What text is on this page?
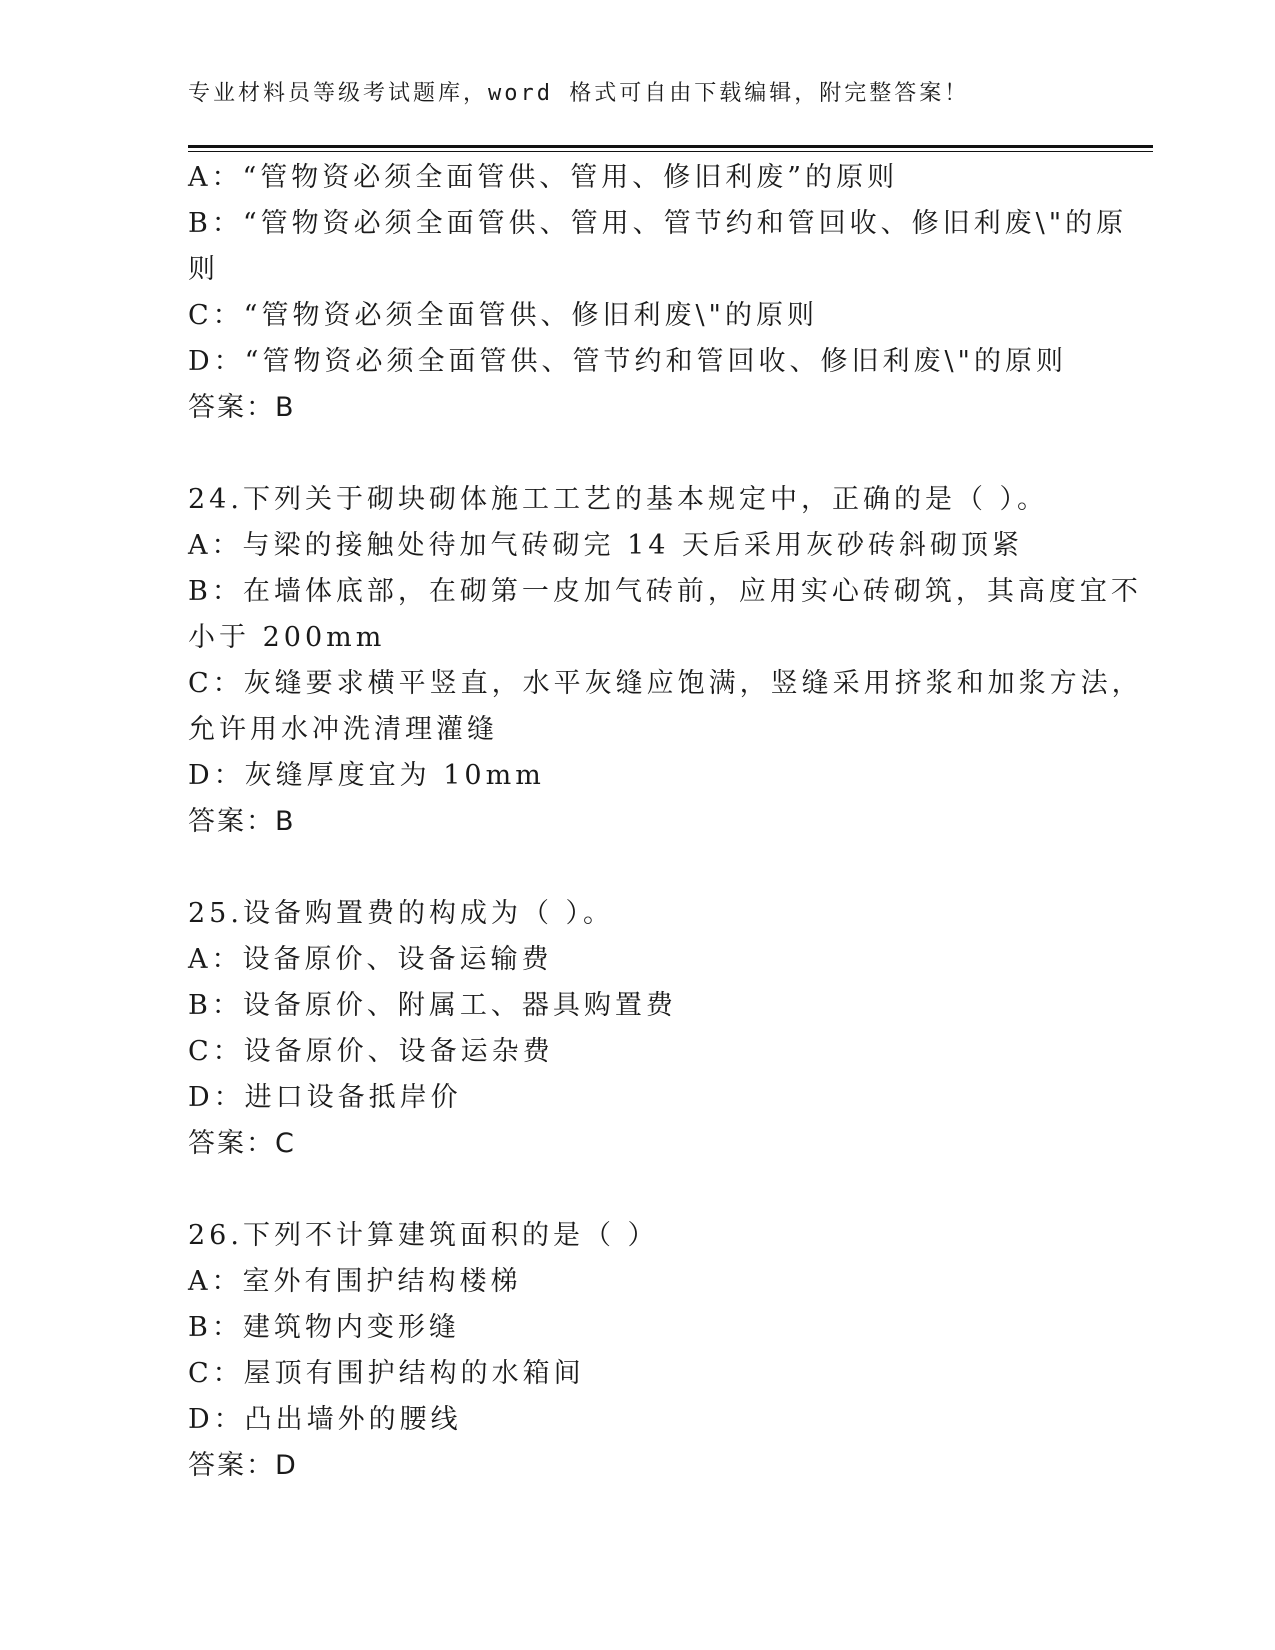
专业材料员等级考试题库，word 格式可自由下载编辑，附完整答案！
A：“管物资必须全面管供、管用、修旧利废”的原则
B：“管物资必须全面管供、管用、管节约和管回收、修旧利废\"的原
则
C：“管物资必须全面管供、修旧利废\"的原则
D：“管物资必须全面管供、管节约和管回收、修旧利废\"的原则
答案：B
24.下列关于砌块砌体施工工艺的基本规定中，正确的是（ ）。
A：与梁的接触处待加气砖砌完 14 天后采用灰砂砖斜砌顶紧
B：在墙体底部，在砌第一皮加气砖前，应用实心砖砌筑，其高度宜不
小于 200mm
C：灰缝要求横平竖直，水平灰缝应饱满，竖缝采用挤浆和加浆方法，
允许用水冲洗清理灌缝
D：灰缝厚度宜为 10mm
答案：B
25.设备购置费的构成为（ ）。
A：设备原价、设备运输费
B：设备原价、附属工、器具购置费
C：设备原价、设备运杂费
D：进口设备抵岸价
答案：C
26.下列不计算建筑面积的是（ ）
A：室外有围护结构楼梯
B：建筑物内变形缝
C：屋顶有围护结构的水箱间
D：凸出墙外的腰线
答案：D
